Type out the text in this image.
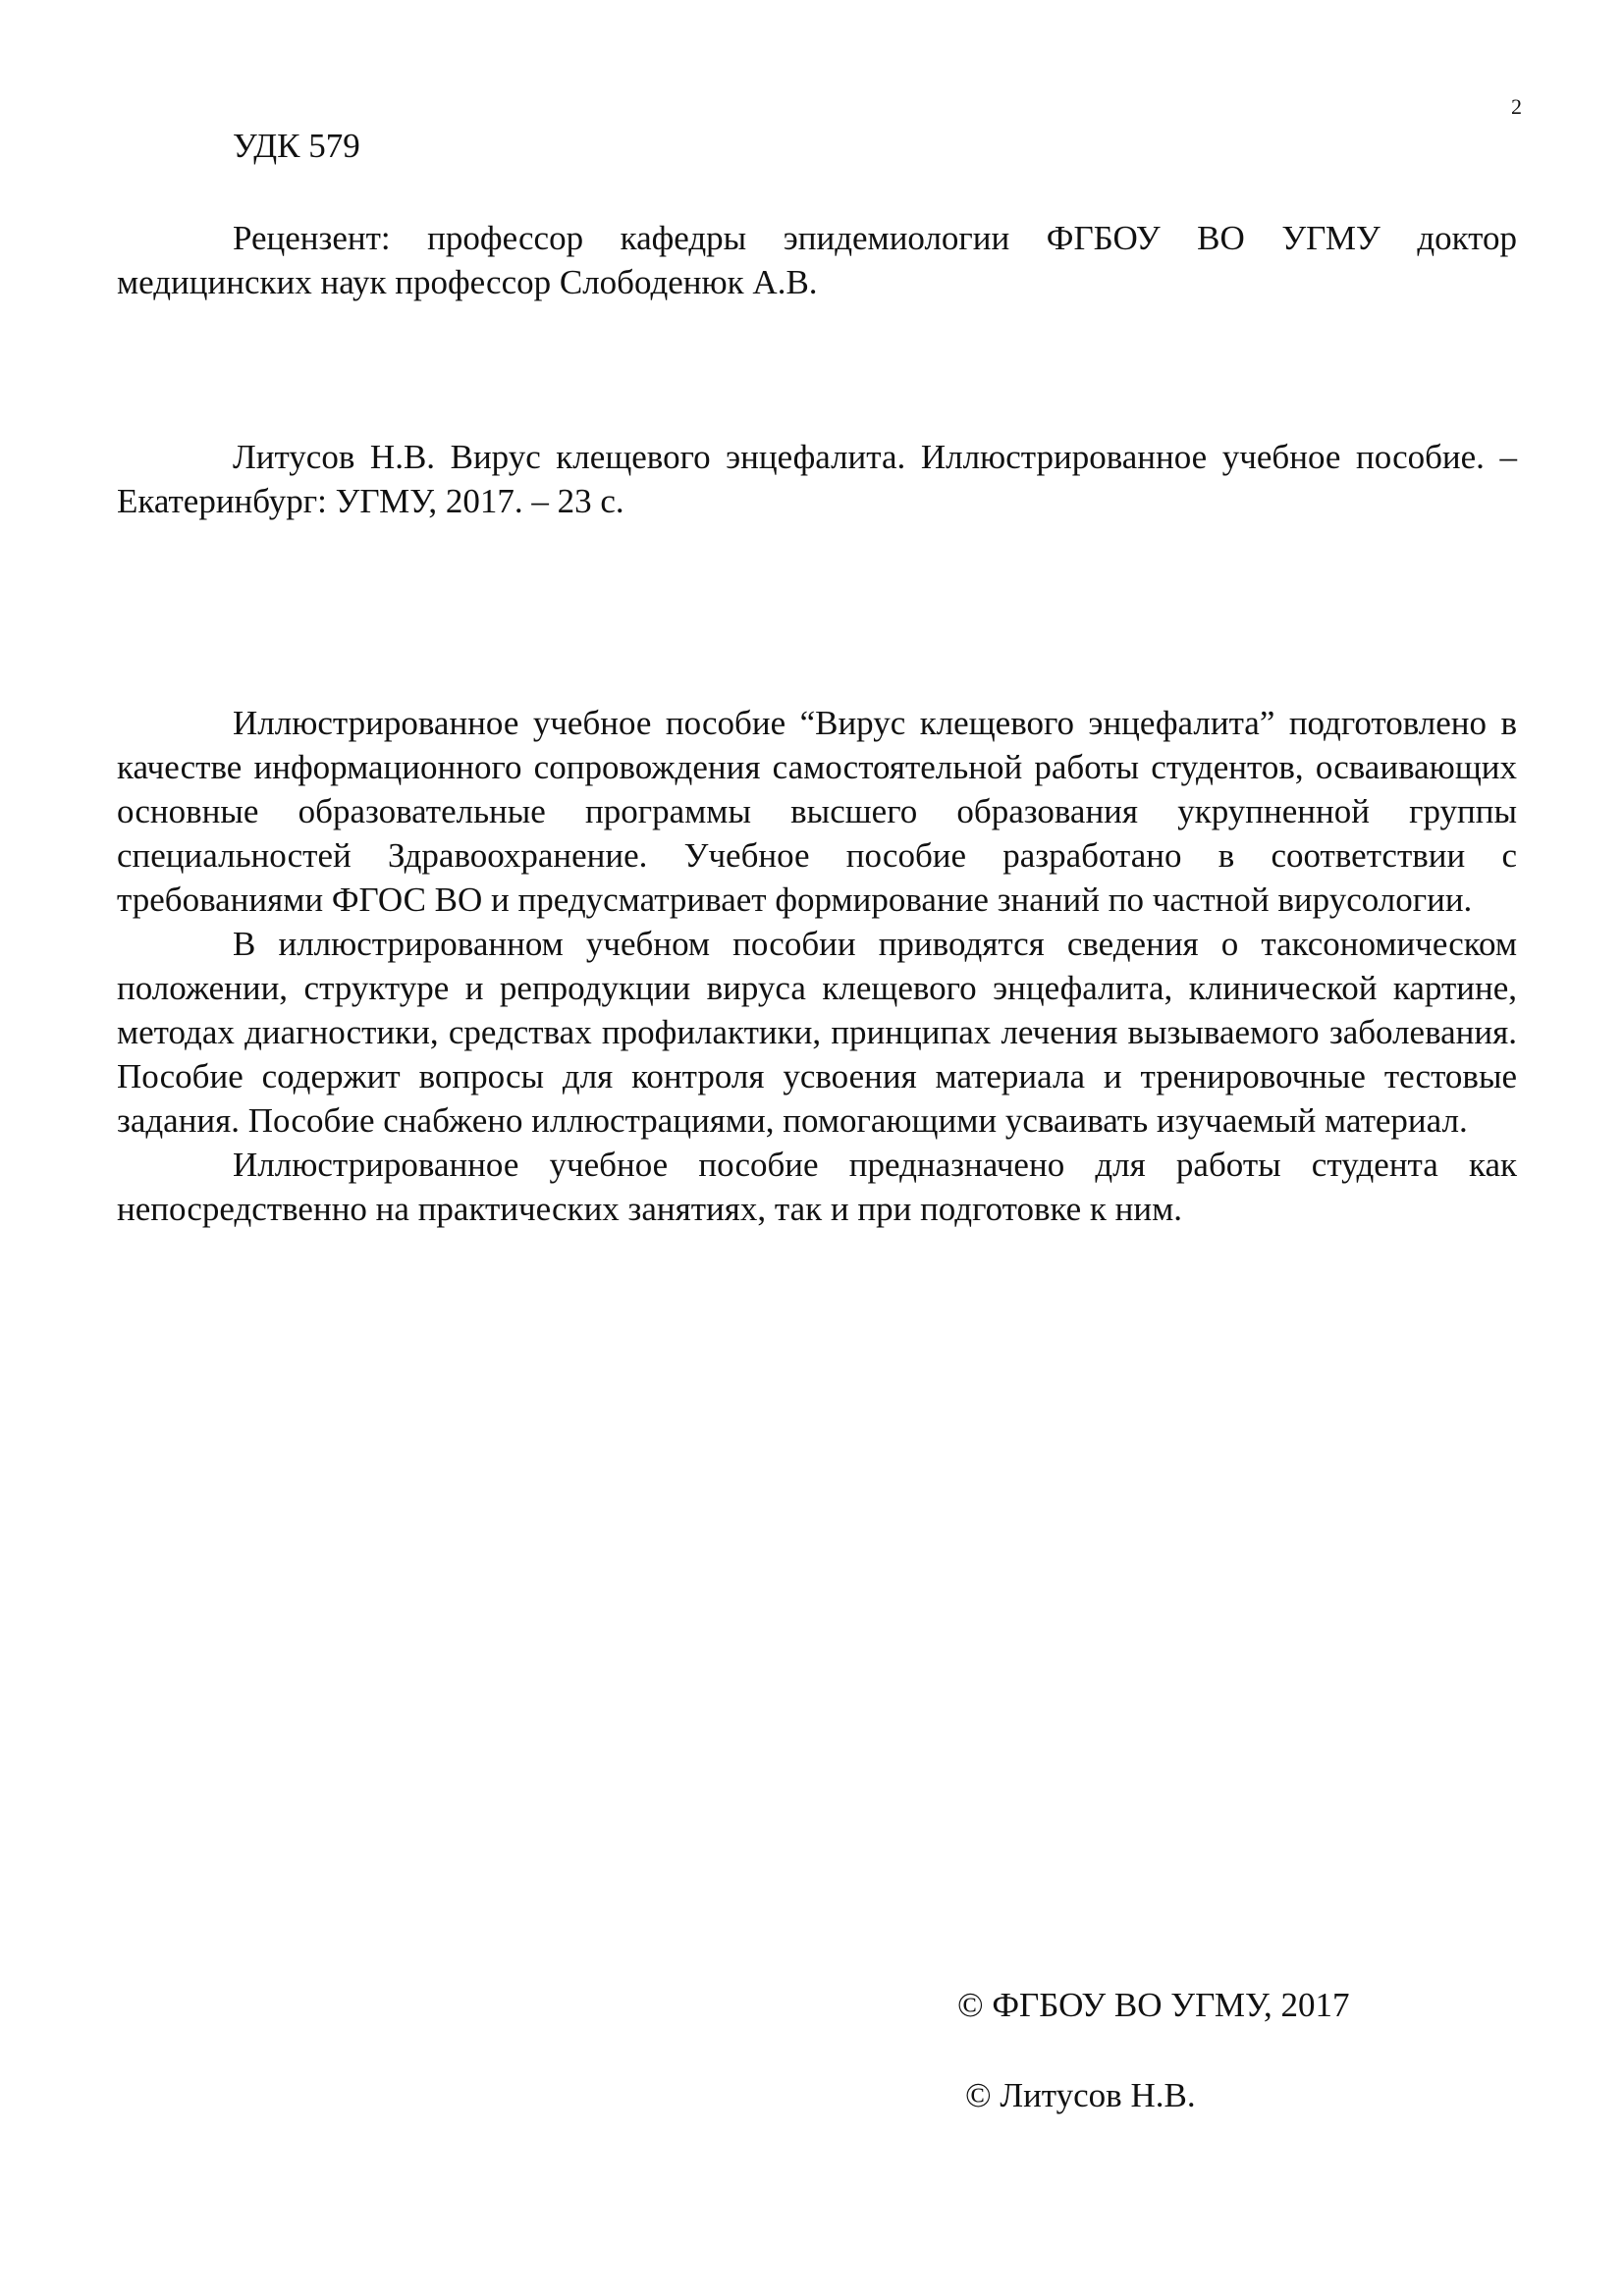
2
УДК 579

Рецензент: профессор кафедры эпидемиологии ФГБОУ ВО УГМУ доктор медицинских наук профессор Слободенюк А.В.

Литусов Н.В. Вирус клещевого энцефалита. Иллюстрированное учебное пособие. – Екатеринбург: УГМУ, 2017. – 23 с.

Иллюстрированное учебное пособие “Вирус клещевого энцефалита” подготовлено в качестве информационного сопровождения самостоятельной работы студентов, осваивающих основные образовательные программы высшего образования укрупненной группы специальностей Здравоохранение. Учебное пособие разработано в соответствии с требованиями ФГОС ВО и предусматривает формирование знаний по частной вирусологии.

В иллюстрированном учебном пособии приводятся сведения о таксономическом положении, структуре и репродукции вируса клещевого энцефалита, клинической картине, методах диагностики, средствах профилактики, принципах лечения вызываемого заболевания. Пособие содержит вопросы для контроля усвоения материала и тренировочные тестовые задания. Пособие снабжено иллюстрациями, помогающими усваивать изучаемый материал.

Иллюстрированное учебное пособие предназначено для работы студента как непосредственно на практических занятиях, так и при подготовке к ним.

© ФГБОУ ВО УГМУ, 2017
© Литусов Н.В.
